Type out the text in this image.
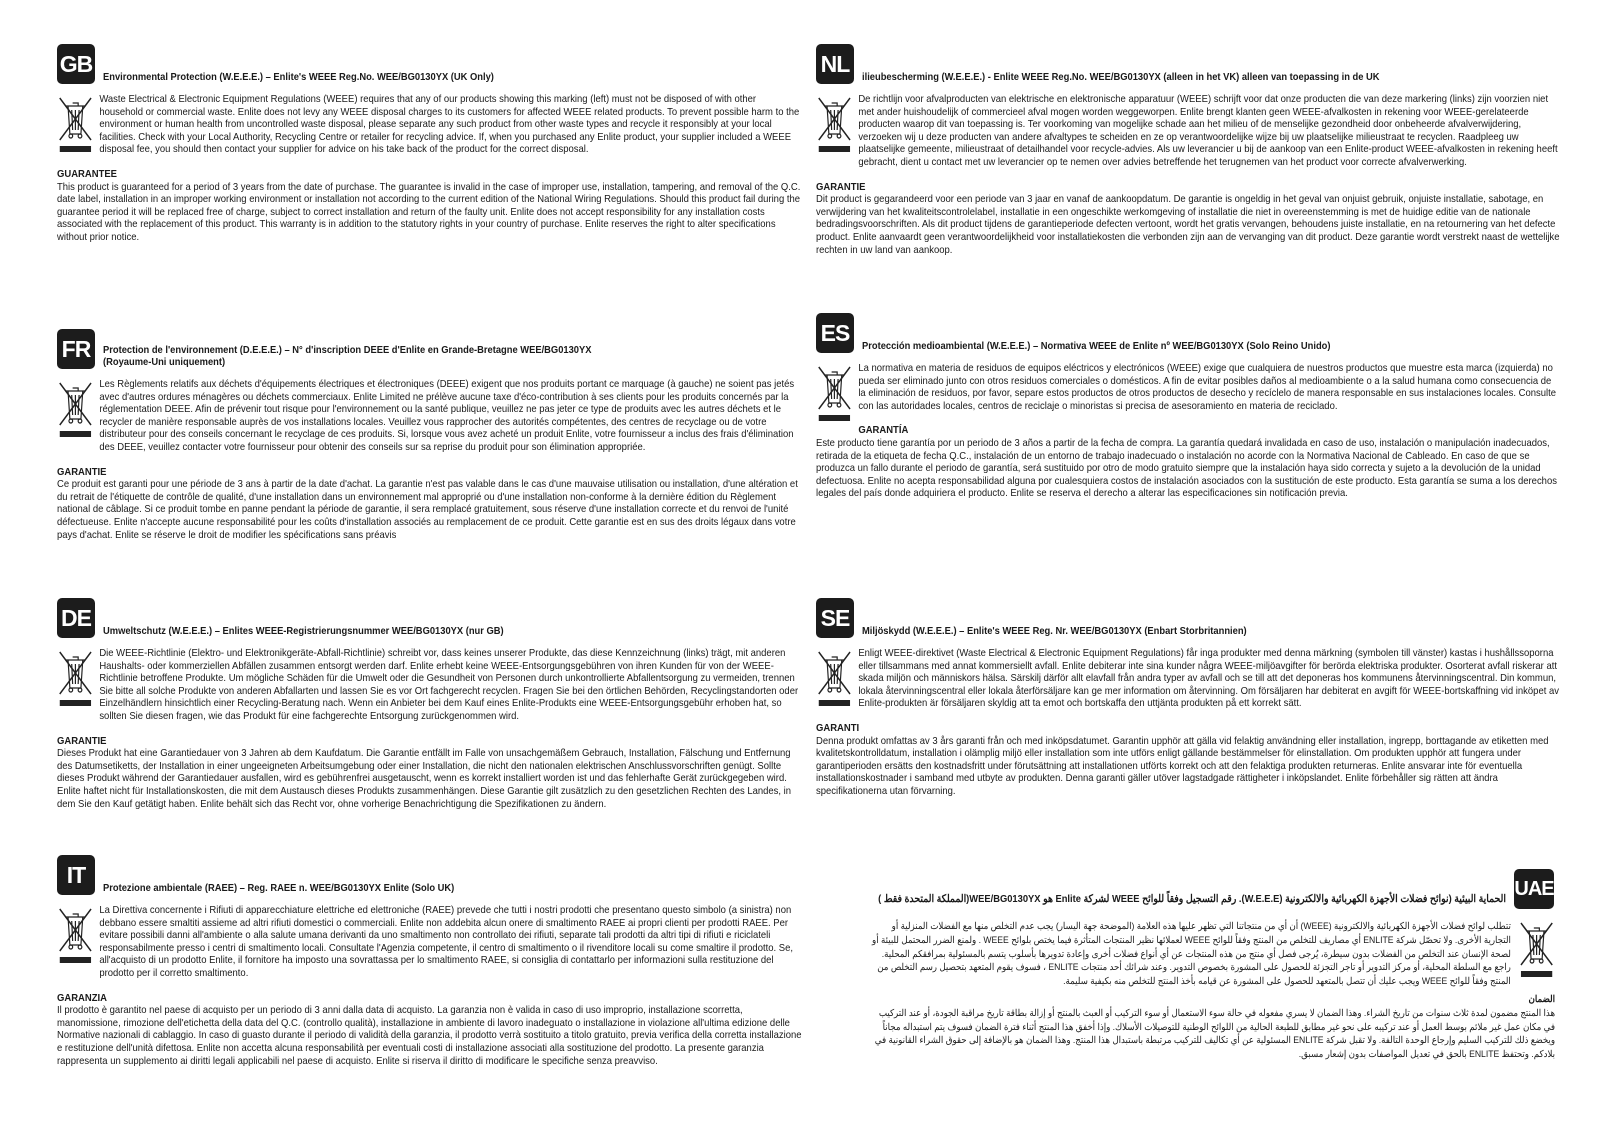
GB
Environmental Protection (W.E.E.E.) – Enlite's WEEE Reg.No. WEE/BG0130YX (UK Only)
Waste Electrical & Electronic Equipment Regulations (WEEE) requires that any of our products showing this marking (left) must not be disposed of with other household or commercial waste. Enlite does not levy any WEEE disposal charges to its customers for affected WEEE related products. To prevent possible harm to the environment or human health from uncontrolled waste disposal, please separate any such product from other waste types and recycle it responsibly at your local facilities. Check with your Local Authority, Recycling Centre or retailer for recycling advice. If, when you purchased any Enlite product, your supplier included a WEEE disposal fee, you should then contact your supplier for advice on his take back of the product for the correct disposal.
GUARANTEE
This product is guaranteed for a period of 3 years from the date of purchase. The guarantee is invalid in the case of improper use, installation, tampering, and removal of the Q.C. date label, installation in an improper working environment or installation not according to the current edition of the National Wiring Regulations. Should this product fail during the guarantee period it will be replaced free of charge, subject to correct installation and return of the faulty unit. Enlite does not accept responsibility for any installation costs associated with the replacement of this product. This warranty is in addition to the statutory rights in your country of purchase. Enlite reserves the right to alter specifications without prior notice.
NL
ilieubescherming (W.E.E.E.) - Enlite WEEE Reg.No. WEE/BG0130YX (alleen in het VK) alleen van toepassing in de UK
De richtlijn voor afvalproducten van elektrische en elektronische apparatuur (WEEE) schrijft voor dat onze producten die van deze markering (links) zijn voorzien niet met ander huishoudelijk of commercieel afval mogen worden weggeworpen. Enlite brengt klanten geen WEEE-afvalkosten in rekening voor WEEE-gerelateerde producten waarop dit van toepassing is. Ter voorkoming van mogelijke schade aan het milieu of de menselijke gezondheid door onbeheerde afvalverwijdering, verzoeken wij u deze producten van andere afvaltypes te scheiden en ze op verantwoordelijke wijze bij uw plaatselijke milieustraat te recyclen. Raadpleeg uw plaatselijke gemeente, milieustraat of detailhandel voor recycle-advies. Als uw leverancier u bij de aankoop van een Enlite-product WEEE-afvalkosten in rekening heeft gebracht, dient u contact met uw leverancier op te nemen over advies betreffende het terugnemen van het product voor correcte afvalverwerking.
GARANTIE
Dit product is gegarandeerd voor een periode van 3 jaar en vanaf de aankoopdatum. De garantie is ongeldig in het geval van onjuist gebruik, onjuiste installatie, sabotage, en verwijdering van het kwaliteitscontrolelabel, installatie in een ongeschikte werkomgeving of installatie die niet in overeenstemming is met de huidige editie van de nationale bedradingsvoorschriften. Als dit product tijdens de garantieperiode defecten vertoont, wordt het gratis vervangen, behoudens juiste installatie, en na retournering van het defecte product. Enlite aanvaardt geen verantwoordelijkheid voor installatiekosten die verbonden zijn aan de vervanging van dit product. Deze garantie wordt verstrekt naast de wettelijke rechten in uw land van aankoop.
FR	Protection de l'environnement (D.E.E.E.) – N° d'inscription DEEE d'Enlite en Grande-Bretagne WEE/BG0130YX (Royaume-Uni uniquement)
Les Règlements relatifs aux déchets d'équipements électriques et électroniques (DEEE) exigent que nos produits portant ce marquage (à gauche) ne soient pas jetés avec d'autres ordures ménagères ou déchets commerciaux. Enlite Limited ne prélève aucune taxe d'éco-contribution à ses clients pour les produits concernés par la réglementation DEEE. Afin de prévenir tout risque pour l'environnement ou la santé publique, veuillez ne pas jeter ce type de produits avec les autres déchets et le recycler de manière responsable auprès de vos installations locales. Veuillez vous rapprocher des autorités compétentes, des centres de recyclage ou de votre distributeur pour des conseils concernant le recyclage de ces produits. Si, lorsque vous avez acheté un produit Enlite, votre fournisseur a inclus des frais d'élimination des DEEE, veuillez contacter votre fournisseur pour obtenir des conseils sur sa reprise du produit pour son élimination appropriée.
GARANTIE
Ce produit est garanti pour une période de 3 ans à partir de la date d'achat. La garantie n'est pas valable dans le cas d'une mauvaise utilisation ou installation, d'une altération et du retrait de l'étiquette de contrôle de qualité, d'une installation dans un environnement mal approprié ou d'une installation non-conforme à la dernière édition du Règlement national de câblage. Si ce produit tombe en panne pendant la période de garantie, il sera remplacé gratuitement, sous réserve d'une installation correcte et du renvoi de l'unité défectueuse. Enlite n'accepte aucune responsabilité pour les coûts d'installation associés au remplacement de ce produit. Cette garantie est en sus des droits légaux dans votre pays d'achat. Enlite se réserve le droit de modifier les spécifications sans préavis
ES
Protección medioambiental (W.E.E.E.) – Normativa WEEE de Enlite nº WEE/BG0130YX (Solo Reino Unido)
La normativa en materia de residuos de equipos eléctricos y electrónicos (WEEE) exige que cualquiera de nuestros productos que muestre esta marca (izquierda) no pueda ser eliminado junto con otros residuos comerciales o domésticos. A fin de evitar posibles daños al medioambiente o a la salud humana como consecuencia de la eliminación de residuos, por favor, separe estos productos de otros productos de desecho y recíclelo de manera responsable en sus instalaciones locales. Consulte con las autoridades locales, centros de reciclaje o minoristas si precisa de asesoramiento en materia de reciclado.
GARANTÍA
Este producto tiene garantía por un periodo de 3 años a partir de la fecha de compra. La garantía quedará invalidada en caso de uso, instalación o manipulación inadecuados, retirada de la etiqueta de fecha Q.C., instalación de un entorno de trabajo inadecuado o instalación no acorde con la Normativa Nacional de Cableado. En caso de que se produzca un fallo durante el periodo de garantía, será sustituido por otro de modo gratuito siempre que la instalación haya sido correcta y sujeto a la devolución de la unidad defectuosa. Enlite no acepta responsabilidad alguna por cualesquiera costos de instalación asociados con la sustitución de este producto. Esta garantía se suma a los derechos legales del país donde adquiriera el producto. Enlite se reserva el derecho a alterar las especificaciones sin notificación previa.
DE
Umweltschutz (W.E.E.E.) – Enlites WEEE-Registrierungsnummer WEE/BG0130YX (nur GB)
Die WEEE-Richtlinie (Elektro- und Elektronikgeräte-Abfall-Richtlinie) schreibt vor, dass keines unserer Produkte, das diese Kennzeichnung (links) trägt, mit anderen Haushalts- oder kommerziellen Abfällen zusammen entsorgt werden darf. Enlite erhebt keine WEEE-Entsorgungsgebühren von ihren Kunden für von der WEEE-Richtlinie betroffene Produkte. Um mögliche Schäden für die Umwelt oder die Gesundheit von Personen durch unkontrollierte Abfallentsorgung zu vermeiden, trennen Sie bitte all solche Produkte von anderen Abfallarten und lassen Sie es vor Ort fachgerecht recyclen. Fragen Sie bei den örtlichen Behörden, Recyclingstandorten oder Einzelhändlern hinsichtlich einer Recycling-Beratung nach. Wenn ein Anbieter bei dem Kauf eines Enlite-Produkts eine WEEE-Entsorgungsgebühr erhoben hat, so sollten Sie diesen fragen, wie das Produkt für eine fachgerechte Entsorgung zurückgenommen wird.
GARANTIE
Dieses Produkt hat eine Garantiedauer von 3 Jahren ab dem Kaufdatum. Die Garantie entfällt im Falle von unsachgemäßem Gebrauch, Installation, Fälschung und Entfernung des Datumsetiketts, der Installation in einer ungeeigneten Arbeitsumgebung oder einer Installation, die nicht den nationalen elektrischen Anschlussvorschriften genügt. Sollte dieses Produkt während der Garantiedauer ausfallen, wird es gebührenfrei ausgetauscht, wenn es korrekt installiert worden ist und das fehlerhafte Gerät zurückgegeben wird. Enlite haftet nicht für Installationskosten, die mit dem Austausch dieses Produkts zusammenhängen. Diese Garantie gilt zusätzlich zu den gesetzlichen Rechten des Landes, in dem Sie den Kauf getätigt haben. Enlite behält sich das Recht vor, ohne vorherige Benachrichtigung die Spezifikationen zu ändern.
SE
Miljöskydd (W.E.E.E.) – Enlite's WEEE Reg. Nr. WEE/BG0130YX (Enbart Storbritannien)
Enligt WEEE-direktivet (Waste Electrical & Electronic Equipment Regulations) får inga produkter med denna märkning (symbolen till vänster) kastas i hushållssoporna eller tillsammans med annat kommersiellt avfall. Enlite debiterar inte sina kunder några WEEE-miljöavgifter för berörda elektriska produkter. Osorterat avfall riskerar att skada miljön och människors hälsa. Särskilj därför allt elavfall från andra typer av avfall och se till att det deponeras hos kommunens återvinningscentral. Din kommun, lokala återvinningscentral eller lokala återförsäljare kan ge mer information om återvinning. Om försäljaren har debiterat en avgift för WEEE-bortskaffning vid inköpet av Enlite-produkten är försäljaren skyldig att ta emot och bortskaffa den uttjänta produkten på ett korrekt sätt.
GARANTI
Denna produkt omfattas av 3 års garanti från och med inköpsdatumet. Garantin upphör att gälla vid felaktig användning eller installation, ingrepp, borttagande av etiketten med kvalitetskontrolldatum, installation i olämplig miljö eller installation som inte utförs enligt gällande bestämmelser för elinstallation. Om produkten upphör att fungera under garantiperioden ersätts den kostnadsfritt under förutsättning att installationen utförts korrekt och att den felaktiga produkten returneras. Enlite ansvarar inte för eventuella installationskostnader i samband med utbyte av produkten. Denna garanti gäller utöver lagstadgade rättigheter i inköpslandet. Enlite förbehåller sig rätten att ändra specifikationerna utan förvarning.
IT
Protezione ambientale (RAEE) – Reg. RAEE n. WEE/BG0130YX Enlite (Solo UK)
La Direttiva concernente i Rifiuti di apparecchiature elettriche ed elettroniche (RAEE) prevede che tutti i nostri prodotti che presentano questo simbolo (a sinistra) non debbano essere smaltiti assieme ad altri rifiuti domestici o commerciali. Enlite non addebita alcun onere di smaltimento RAEE ai propri clienti per prodotti RAEE. Per evitare possibili danni all'ambiente o alla salute umana derivanti da uno smaltimento non controllato dei rifiuti, separate tali prodotti da altri tipi di rifiuti e riciclateli responsabilmente presso i centri di smaltimento locali. Consultate l'Agenzia competente, il centro di smaltimento o il rivenditore locali su come smaltire il prodotto. Se, all'acquisto di un prodotto Enlite, il fornitore ha imposto una sovrattassa per lo smaltimento RAEE, si consiglia di contattarlo per informazioni sulla restituzione del prodotto per il corretto smaltimento.
GARANZIA
Il prodotto è garantito nel paese di acquisto per un periodo di 3 anni dalla data di acquisto. La garanzia non è valida in caso di uso improprio, installazione scorretta, manomissione, rimozione dell'etichetta della data del Q.C. (controllo qualità), installazione in ambiente di lavoro inadeguato o installazione in violazione all'ultima edizione delle Normative nazionali di cablaggio. In caso di guasto durante il periodo di validità della garanzia, il prodotto verrà sostituito a titolo gratuito, previa verifica della corretta installazione e restituzione dell'unità difettosa. Enlite non accetta alcuna responsabilità per eventuali costi di installazione associati alla sostituzione del prodotto. La presente garanzia rappresenta un supplemento ai diritti legali applicabili nel paese di acquisto. Enlite si riserva il diritto di modificare le specifiche senza preavviso.
UAE
الحماية البيئية (نوائح فضلات الأجهزة الكهربائية والالكترونية (W.E.E.E). رقم التسجيل وفقاً للوائح WEEE لشركة Enlite هو WEE/BG0130YX(المملكة المتحدة فقط )
تتطلب لوائح فضلات الأجهزة الكهربائية والالكترونية (WEEE) أن أي من منتجاتنا التي تظهر عليها هذه العلامة (الموضحة جهة اليسار) يجب عدم التخلص منها مع الفضلات المنزلية أو التجارية الأخرى. ولا تحصّل شركة ENLITE أي مصاريف للتخلص من المنتج وفقاً للوائح WEEE لعملائها نظير المنتجات المتأثرة فيما يختص بلوائح WEEE . ولمنع الضرر المحتمل للبيئة أو لصحة الإنسان عند التخلص من الفضلات بدون سيطرة، يُرجى فصل أي منتج من هذه المنتجات عن أي أنواع فضلات أخرى وإعادة تدويرها بأسلوب يتسم بالمسئولية بمرافقكم المحلية. راجع مع السلطة المحلية، أو مركز التدوير أو تاجر التجزئة للحصول على المشورة بخصوص التدوير. وعند شرائك أحد منتجات ENLITE ، فسوف يقوم المتعهد بتحصيل رسم التخلص من المنتج وفقاً للوائح WEEE ويجب عليك أن تتصل بالمتعهد للحصول على المشورة عن قيامه بأخذ المنتج للتخلص منه بكيفية سليمة.
الضمان
هذا المنتج مضمون لمدة ثلاث سنوات من تاريخ الشراء. وهذا الضمان لا يسري مفعوله في حالة سوء الاستعمال أو سوء التركيب أو العبث بالمنتج أو إزالة بطاقة تاريخ مراقبة الجودة، أو عند التركيب في مكان عمل غير ملائم بوسط العمل أو عند تركيبه على نحو غير مطابق للطبعة الحالية من اللوائح الوطنية للتوصيلات الأسلاك. وإذا أخفق هذا المنتج أثناء فترة الضمان فسوف يتم استبداله مجاناً ويخضع ذلك للتركيب السليم وإرجاع الوحدة التالفة. ولا تقبل شركة ENLITE المسئولية عن أي تكاليف للتركيب مرتبطة باستبدال هذا المنتج. وهذا الضمان هو بالإضافة إلى حقوق الشراء القانونية في بلادكم. وتحتفظ ENLITE بالحق في تعديل المواصفات بدون إشعار مسبق.
